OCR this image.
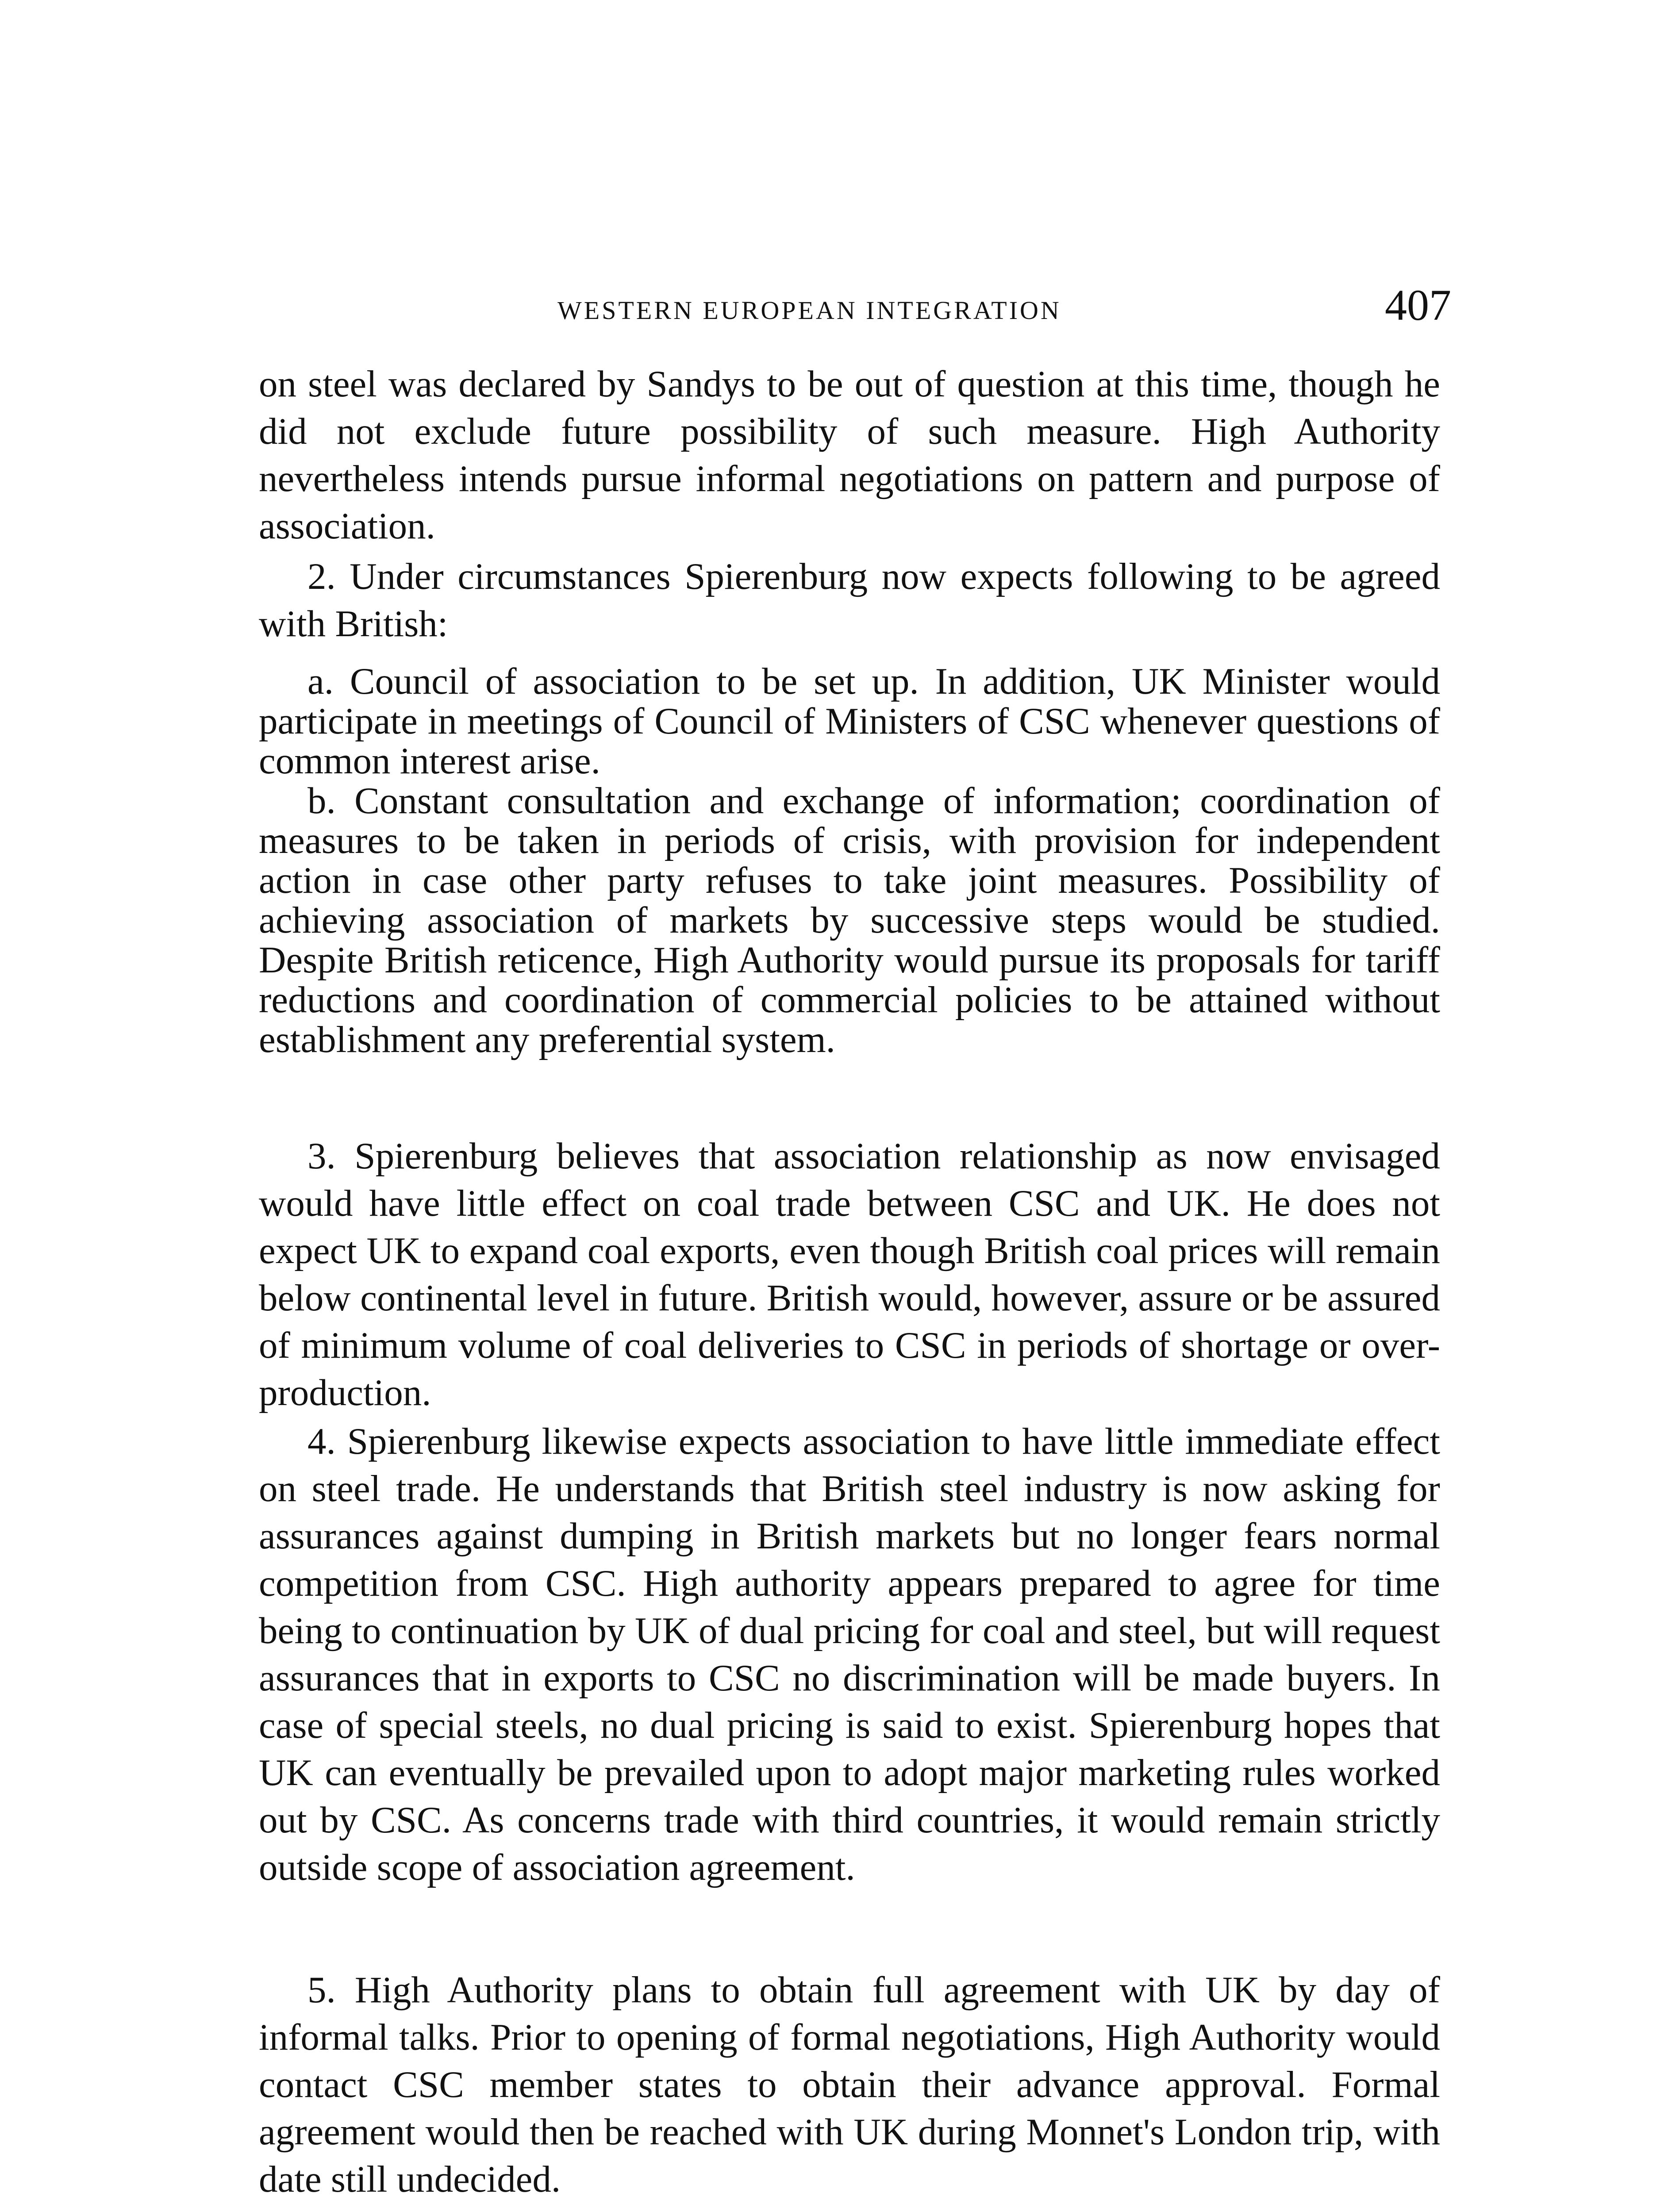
WESTERN EUROPEAN INTEGRATION	407

on steel was declared by Sandys to be out of question at this time, though he did not exclude future possibility of such measure. High Authority nevertheless intends pursue informal negotiations on pattern and purpose of association.

2. Under circumstances Spierenburg now expects following to be agreed with British:

a. Council of association to be set up. In addition, UK Minister would participate in meetings of Council of Ministers of CSC whenever questions of common interest arise.

b. Constant consultation and exchange of information; coordination of measures to be taken in periods of crisis, with provision for independent action in case other party refuses to take joint measures. Possibility of achieving association of markets by successive steps would be studied. Despite British reticence, High Authority would pursue its proposals for tariff reductions and coordination of commercial policies to be attained without establishment any preferential system.

3. Spierenburg believes that association relationship as now envisaged would have little effect on coal trade between CSC and UK. He does not expect UK to expand coal exports, even though British coal prices will remain below continental level in future. British would, however, assure or be assured of minimum volume of coal deliveries to CSC in periods of shortage or over-production.

4. Spierenburg likewise expects association to have little immediate effect on steel trade. He understands that British steel industry is now asking for assurances against dumping in British markets but no longer fears normal competition from CSC. High authority appears prepared to agree for time being to continuation by UK of dual pricing for coal and steel, but will request assurances that in exports to CSC no discrimination will be made buyers. In case of special steels, no dual pricing is said to exist. Spierenburg hopes that UK can eventually be prevailed upon to adopt major marketing rules worked out by CSC. As concerns trade with third countries, it would remain strictly outside scope of association agreement.

5. High Authority plans to obtain full agreement with UK by day of informal talks. Prior to opening of formal negotiations, High Authority would contact CSC member states to obtain their advance approval. Formal agreement would then be reached with UK during Monnet's London trip, with date still undecided.
